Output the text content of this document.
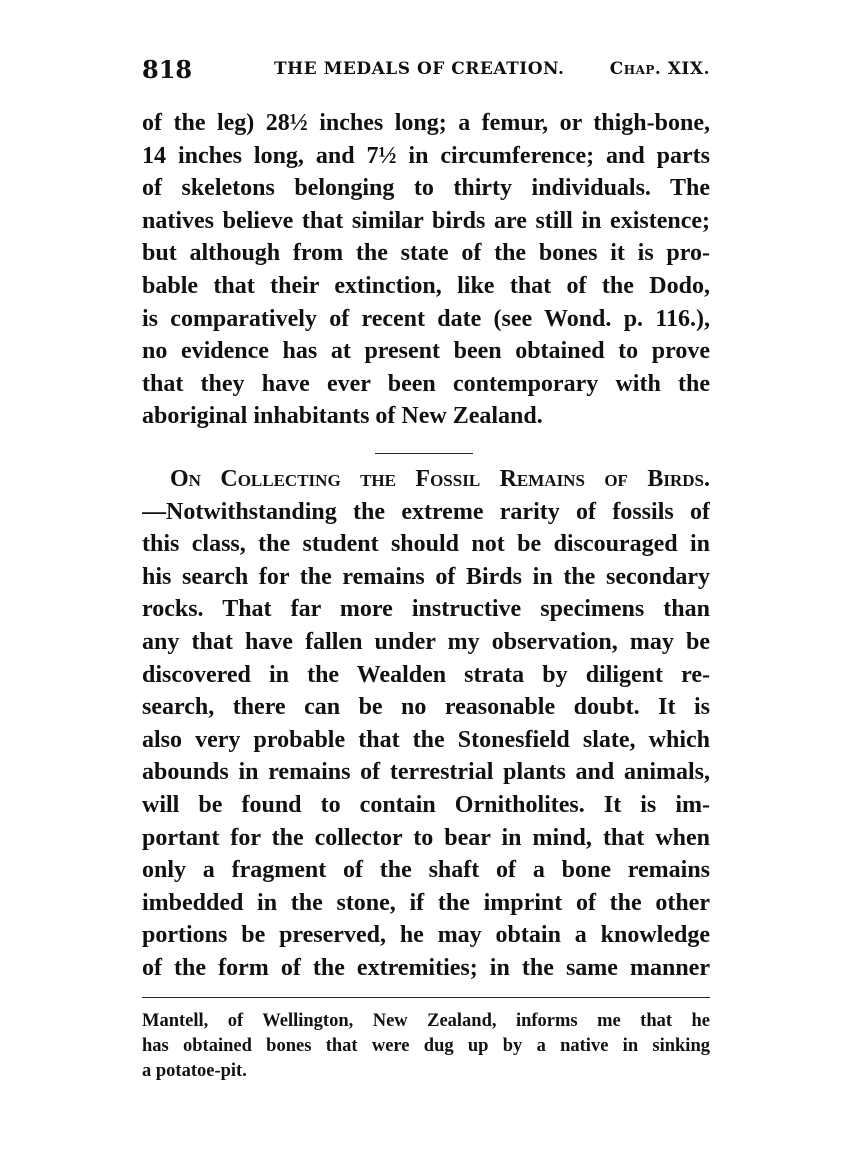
818	THE MEDALS OF CREATION.	Chap. XIX.
of the leg) 28½ inches long; a femur, or thigh-bone,
14 inches long, and 7½ in circumference; and parts
of skeletons belonging to thirty individuals. The
natives believe that similar birds are still in existence;
but although from the state of the bones it is pro-
bable that their extinction, like that of the Dodo,
is comparatively of recent date (see Wond. p. 116.),
no evidence has at present been obtained to prove
that they have ever been contemporary with the
aboriginal inhabitants of New Zealand.
On Collecting the Fossil Remains of Birds.
—Notwithstanding the extreme rarity of fossils of
this class, the student should not be discouraged in
his search for the remains of Birds in the secondary
rocks. That far more instructive specimens than
any that have fallen under my observation, may be
discovered in the Wealden strata by diligent re-
search, there can be no reasonable doubt. It is
also very probable that the Stonesfield slate, which
abounds in remains of terrestrial plants and animals,
will be found to contain Ornitholites. It is im-
portant for the collector to bear in mind, that when
only a fragment of the shaft of a bone remains
imbedded in the stone, if the imprint of the other
portions be preserved, he may obtain a knowledge
of the form of the extremities; in the same manner
Mantell, of Wellington, New Zealand, informs me that he
has obtained bones that were dug up by a native in sinking
a potatoe-pit.
